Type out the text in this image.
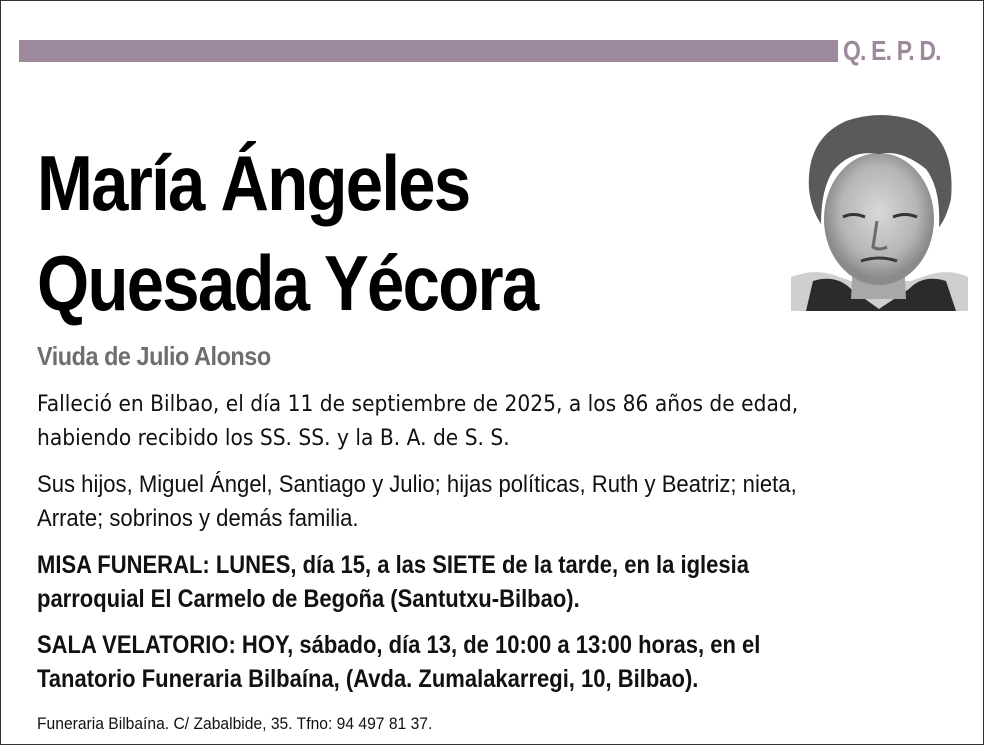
Q. E. P. D.
María Ángeles
Quesada Yécora
Viuda de Julio Alonso
Falleció en Bilbao, el día 11 de septiembre de 2025, a los 86 años de edad,
habiendo recibido los SS. SS. y la B. A. de S. S.
Sus hijos, Miguel Ángel, Santiago y Julio; hijas políticas, Ruth y Beatriz; nieta,
Arrate; sobrinos y demás familia.
MISA FUNERAL: LUNES, día 15, a las SIETE de la tarde, en la iglesia
parroquial El Carmelo de Begoña (Santutxu-Bilbao).
SALA VELATORIO: HOY, sábado, día 13, de 10:00 a 13:00 horas, en el
Tanatorio Funeraria Bilbaína, (Avda. Zumalakarregi, 10, Bilbao).
Funeraria Bilbaína. C/ Zabalbide, 35. Tfno: 94 497 81 37.
